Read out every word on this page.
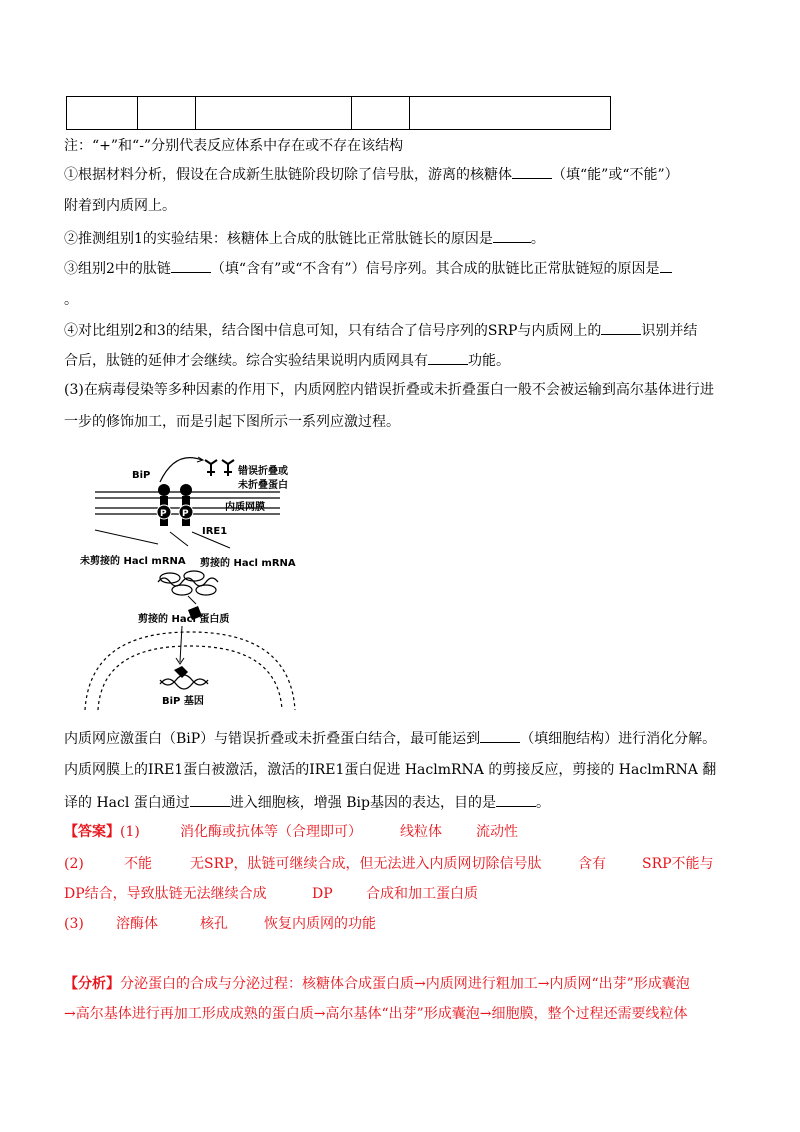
注：“+”和“-”分别代表反应体系中存在或不存在该结构
①根据材料分析，假设在合成新生肽链阶段切除了信号肽，游离的核糖体	（填“能”或“不能”）
附着到内质网上。
②推测组别1的实验结果：核糖体上合成的肽链比正常肽链长的原因是	。
③组别2中的肽链	（填“含有”或“不含有”）信号序列。其合成的肽链比正常肽链短的原因是
。
④对比组别2和3的结果，结合图中信息可知，只有结合了信号序列的SRP与内质网上的	识别并结
合后，肽链的延伸才会继续。综合实验结果说明内质网具有	功能。
(3)在病毒侵染等多种因素的作用下，内质网腔内错误折叠或未折叠蛋白一般不会被运输到高尔基体进行进
一步的修饰加工，而是引起下图所示一系列应激过程。
P P
BiP	错误折叠或
未折叠蛋白
内质网膜
IRE1
未剪接的 Hacl mRNA 剪接的 Hacl mRNA
剪接的 Hacl 蛋白质
BiP 基因
内质网应激蛋白（BiP）与错误折叠或未折叠蛋白结合，最可能运到	（填细胞结构）进行消化分解。
内质网膜上的IRE1蛋白被激活，激活的IRE1蛋白促进 HaclmRNA 的剪接反应，剪接的 HaclmRNA 翻
译的 Hacl 蛋白通过	进入细胞核，增强 Bip基因的表达，目的是	。
【答案】(1)	消化酶或抗体等（合理即可）	线粒体 流动性
(2)	不能	无SRP，肽链可继续合成，但无法进入内质网切除信号肽	含有	SRP不能与
DP结合，导致肽链无法继续合成	DP 合成和加工蛋白质
(3) 溶酶体	核孔	恢复内质网的功能
【分析】分泌蛋白的合成与分泌过程：核糖体合成蛋白质→内质网进行粗加工→内质网“出芽”形成囊泡
→高尔基体进行再加工形成成熟的蛋白质→高尔基体“出芽”形成囊泡→细胞膜，整个过程还需要线粒体
